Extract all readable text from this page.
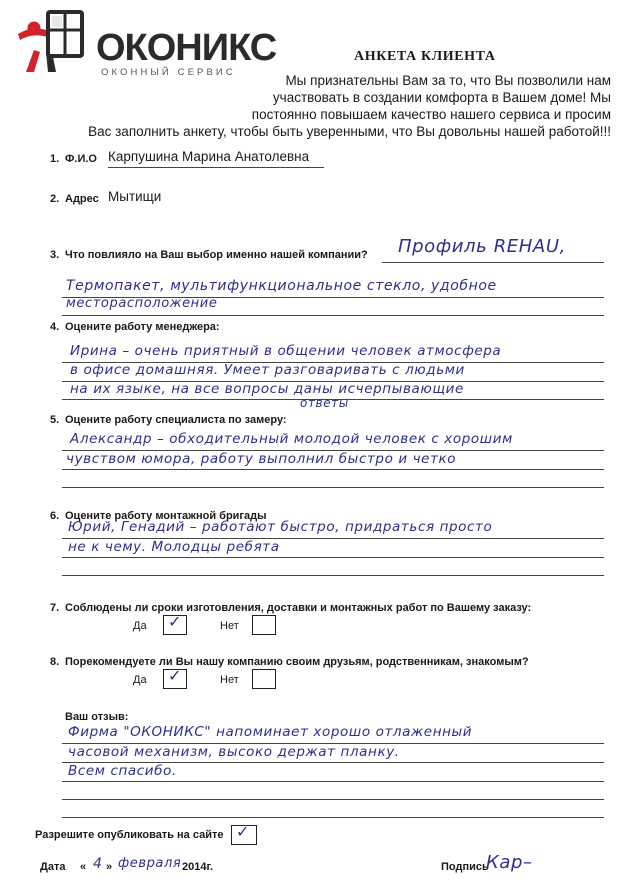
ОКОНИКС
ОКОННЫЙ СЕРВИС
АНКЕТА КЛИЕНТА
Мы признательны Вам за то, что Вы позволили нам
участвовать в создании комфорта в Вашем доме! Мы
постоянно повышаем качество нашего сервиса и просим
Вас заполнить анкету, чтобы быть уверенными, что Вы довольны нашей работой!!!
1. Ф.И.О Карпушина Марина Анатолевна
2. Адрес Мытищи
3. Что повлияло на Ваш выбор именно нашей компании? Профиль REHAU,
Термопакет, мультифункциональное стекло, удобное
месторасположение
4. Оцените работу менеджера:
Ирина – очень приятный в общении человек атмосфера
в офисе домашняя. Умеет разговаривать с людьми
на их языке, на все вопросы даны исчерпывающие
ответы
5. Оцените работу специалиста по замеру:
Александр – обходительный молодой человек с хорошим
чувством юмора, работу выполнил быстро и четко
6. Оцените работу монтажной бригады
Юрий, Генадий – работают быстро, придраться просто
не к чему. Молодцы ребята
7. Соблюдены ли сроки изготовления, доставки и монтажных работ по Вашему заказу:
Да ✓	Нет
8. Порекомендуете ли Вы нашу компанию своим друзьям, родственникам, знакомым?
Да ✓	Нет
Ваш отзыв:
Фирма "ОКОНИКС" напоминает хорошо отлаженный
часовой механизм, высоко держат планку.
Всем спасибо.
Разрешите опубликовать на сайте ✓
Дата « 4 » февраля 2014г.	Подпись
Кар–
